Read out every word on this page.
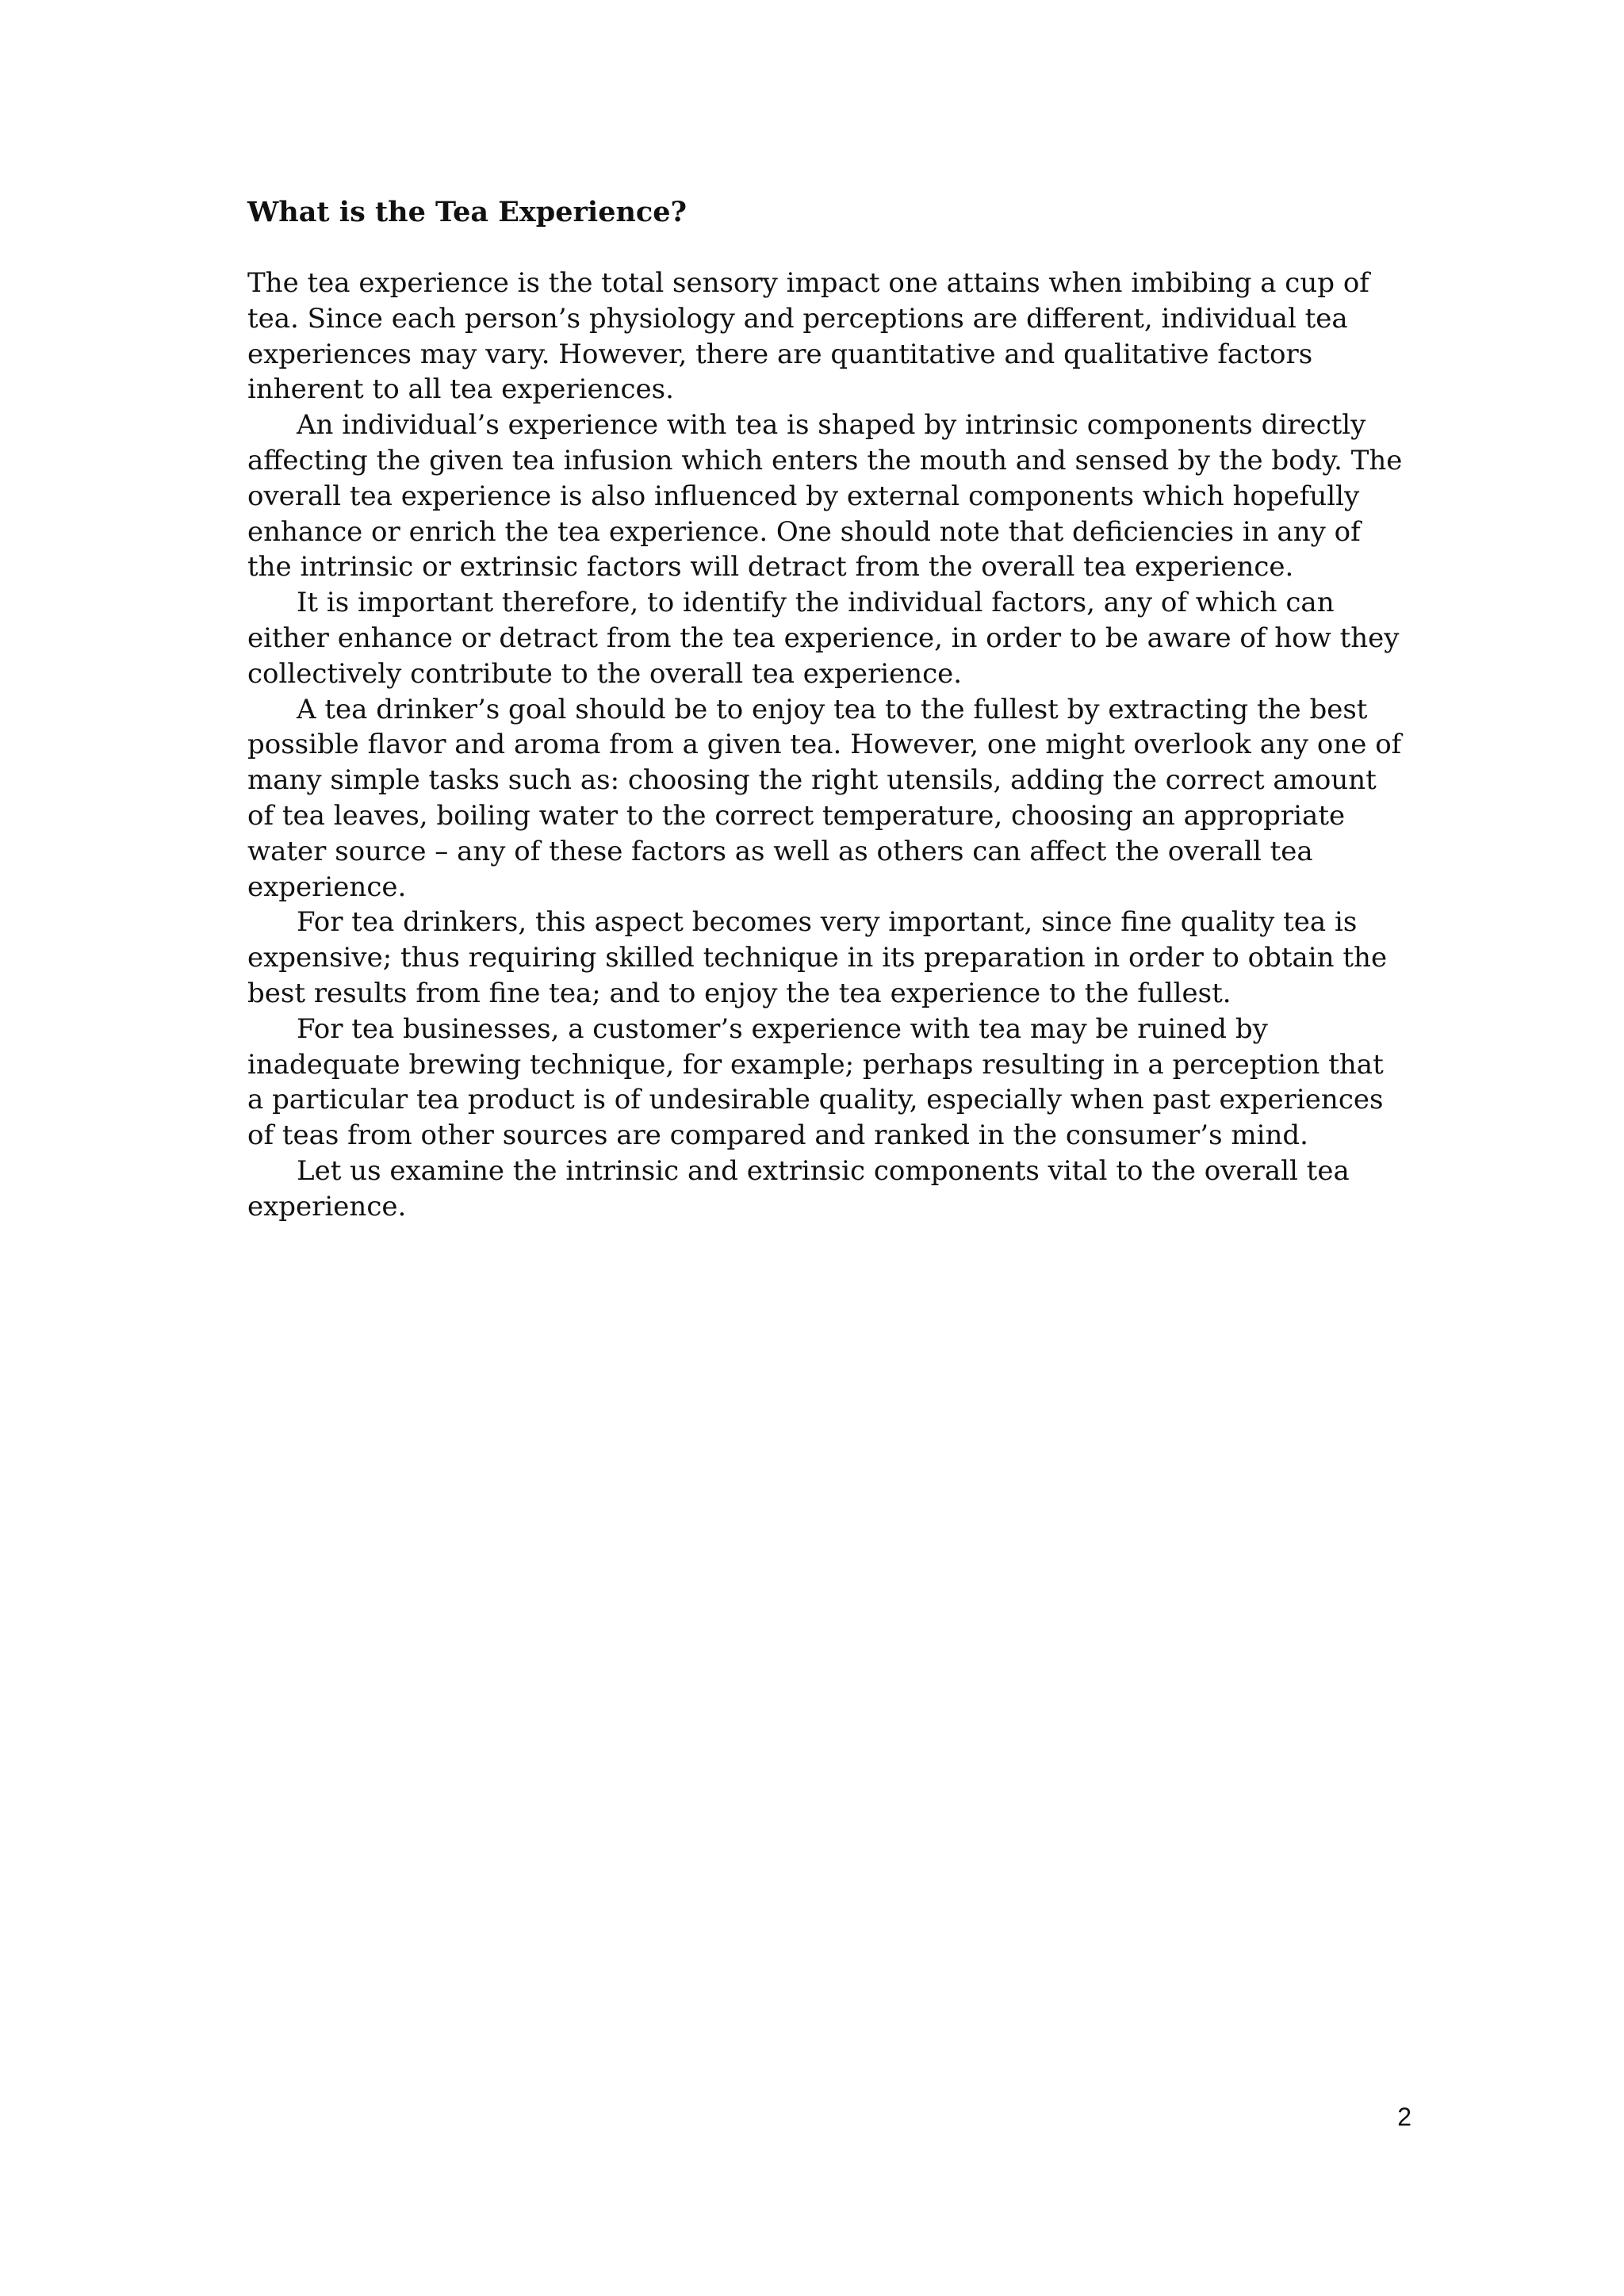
What is the Tea Experience?

The tea experience is the total sensory impact one attains when imbibing a cup of tea. Since each person’s physiology and perceptions are different, individual tea experiences may vary. However, there are quantitative and qualitative factors inherent to all tea experiences.

An individual’s experience with tea is shaped by intrinsic components directly affecting the given tea infusion which enters the mouth and sensed by the body. The overall tea experience is also influenced by external components which hopefully enhance or enrich the tea experience. One should note that deficiencies in any of the intrinsic or extrinsic factors will detract from the overall tea experience.

It is important therefore, to identify the individual factors, any of which can either enhance or detract from the tea experience, in order to be aware of how they collectively contribute to the overall tea experience.

A tea drinker’s goal should be to enjoy tea to the fullest by extracting the best possible flavor and aroma from a given tea. However, one might overlook any one of many simple tasks such as: choosing the right utensils, adding the correct amount of tea leaves, boiling water to the correct temperature, choosing an appropriate water source – any of these factors as well as others can affect the overall tea experience.

For tea drinkers, this aspect becomes very important, since fine quality tea is expensive; thus requiring skilled technique in its preparation in order to obtain the best results from fine tea; and to enjoy the tea experience to the fullest.

For tea businesses, a customer’s experience with tea may be ruined by inadequate brewing technique, for example; perhaps resulting in a perception that a particular tea product is of undesirable quality, especially when past experiences of teas from other sources are compared and ranked in the consumer’s mind.

Let us examine the intrinsic and extrinsic components vital to the overall tea experience.

2
